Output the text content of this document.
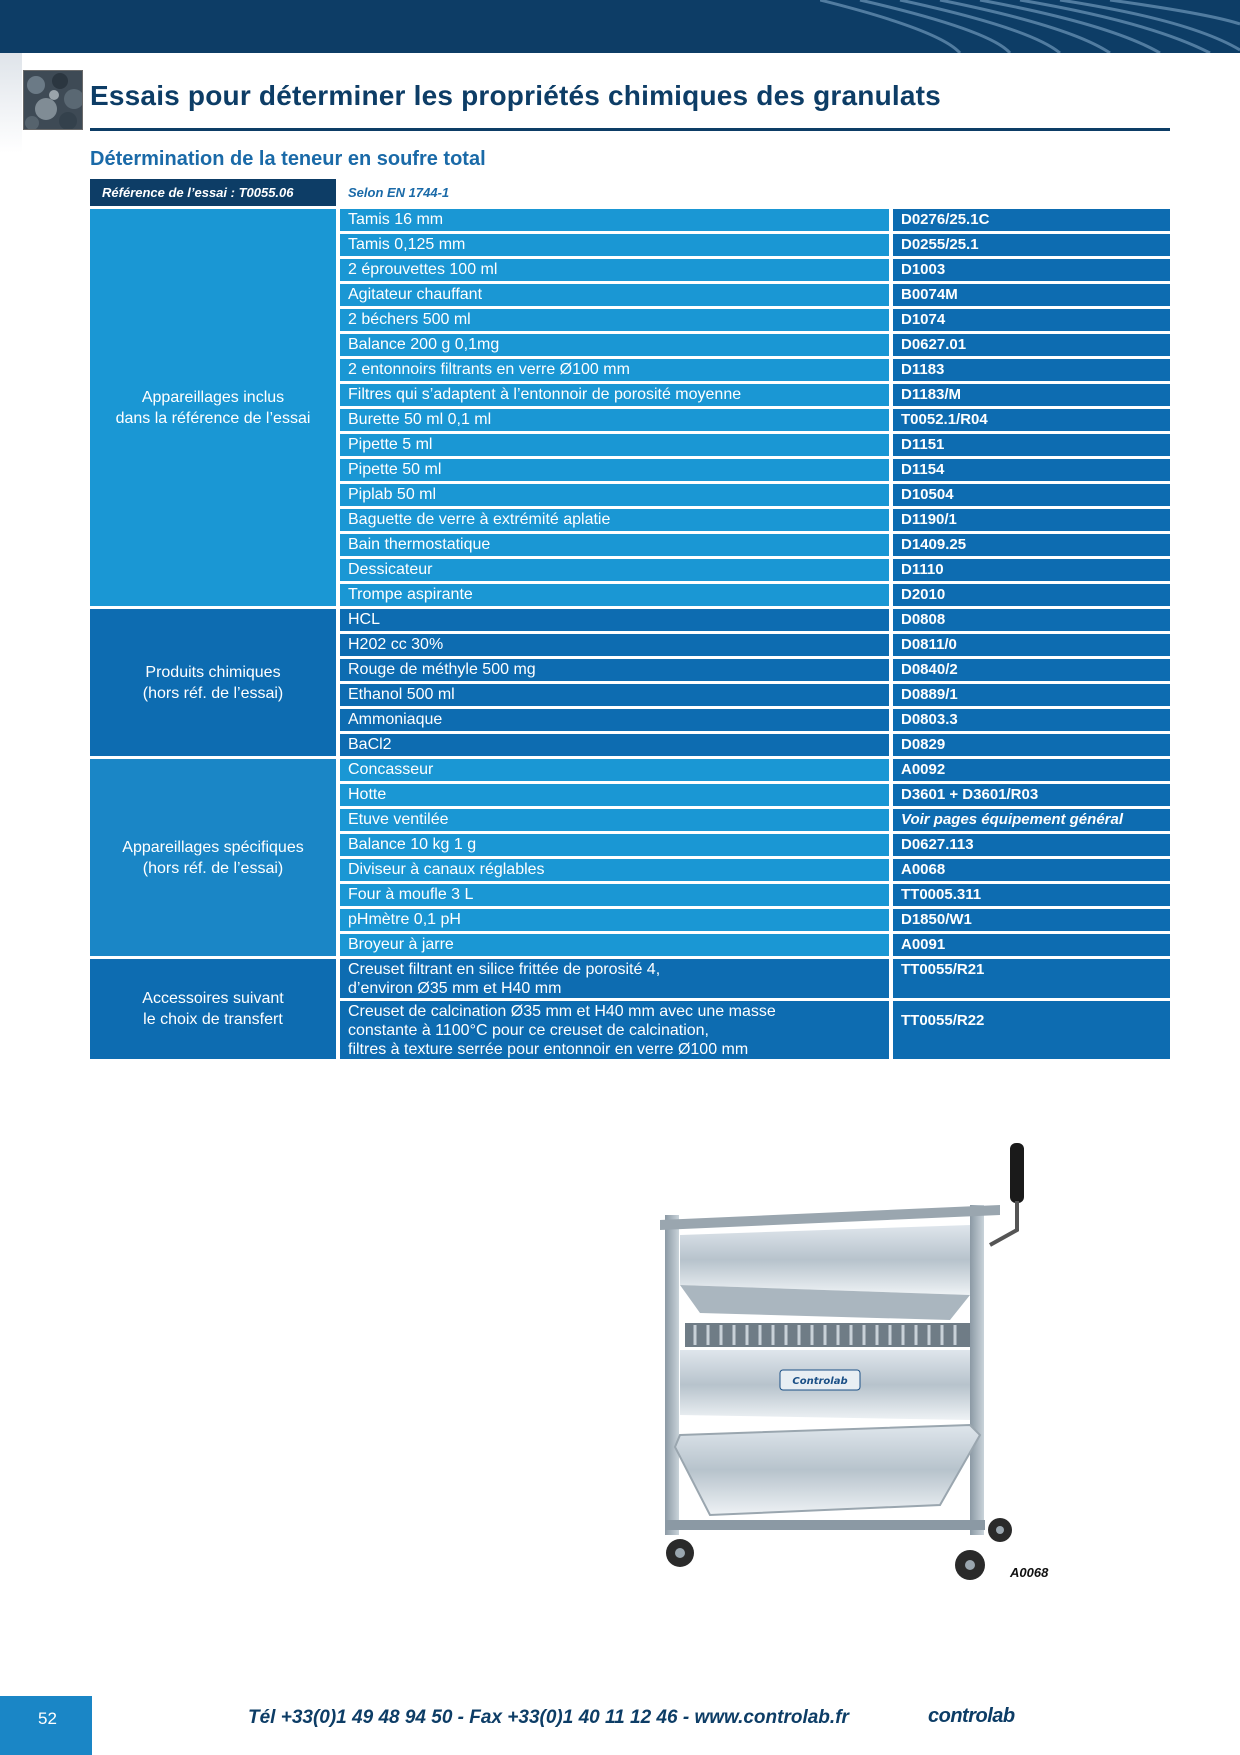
Essais pour déterminer les propriétés chimiques des granulats
Détermination de la teneur en soufre total
Référence de l’essai : T0055.06	Selon EN 1744-1
Appareillages inclus
dans la référence de l’essai
Tamis 16 mm	D0276/25.1C
Tamis 0,125 mm	D0255/25.1
2 éprouvettes 100 ml	D1003
Agitateur chauffant	B0074M
2 béchers 500 ml	D1074
Balance 200 g 0,1mg	D0627.01
2 entonnoirs filtrants en verre Ø100 mm	D1183
Filtres qui s’adaptent à l’entonnoir de porosité moyenne	D1183/M
Burette 50 ml 0,1 ml	T0052.1/R04
Pipette 5 ml	D1151
Pipette 50 ml	D1154
Piplab 50 ml	D10504
Baguette de verre à extrémité aplatie	D1190/1
Bain thermostatique	D1409.25
Dessicateur	D1110
Trompe aspirante	D2010
Produits chimiques
(hors réf. de l’essai)
HCL	D0808
H202 cc 30%	D0811/0
Rouge de méthyle 500 mg	D0840/2
Ethanol 500 ml	D0889/1
Ammoniaque	D0803.3
BaCl2	D0829
Appareillages spécifiques
(hors réf. de l’essai)
Concasseur	A0092
Hotte	D3601 + D3601/R03
Etuve ventilée	Voir pages équipement général
Balance 10 kg 1 g	D0627.113
Diviseur à canaux réglables	A0068
Four à moufle 3 L	TT0005.311
pHmètre 0,1 pH	D1850/W1
Broyeur à jarre	A0091
Accessoires suivant
le choix de transfert
Creuset filtrant en silice frittée de porosité 4,
d’environ Ø35 mm et H40 mm
TT0055/R21
Creuset de calcination Ø35 mm et H40 mm avec une masse
constante à 1100°C pour ce creuset de calcination,
filtres à texture serrée pour entonnoir en verre Ø100 mm
TT0055/R22
Controlab
A0068
52	Tél +33(0)1 49 48 94 50 - Fax +33(0)1 40 11 12 46 - www.controlab.fr	controlab
